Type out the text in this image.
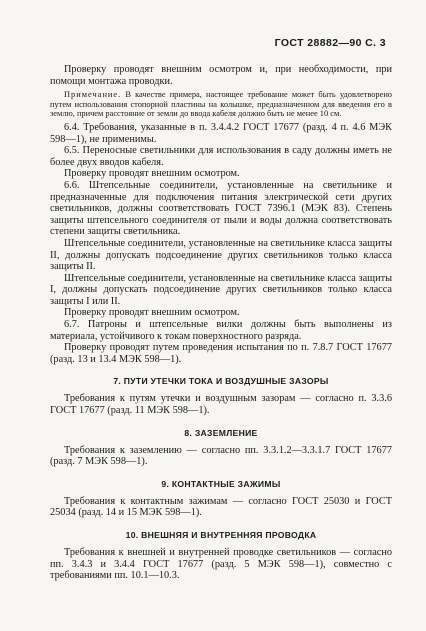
ГОСТ 28882—90 С. 3

Проверку проводят внешним осмотром и, при необходимости, при помощи монтажа проводки.

Примечание. В качестве примера, настоящее требование может быть удовлетворено путем использования стопорной пластины на колышке, предназначенном для введения его в землю, причем расстояние от земли до ввода кабеля должно быть не менее 10 см.

6.4. Требования, указанные в п. 3.4.4.2 ГОСТ 17677 (разд. 4 п. 4.6 МЭК 598—1), не применимы.

6.5. Переносные светильники для использования в саду должны иметь не более двух вводов кабеля.

Проверку проводят внешним осмотром.

6.6. Штепсельные соединители, установленные на светильнике и предназначенные для подключения питания электрической сети других светильников, должны соответствовать ГОСТ 7396.1 (МЭК 83). Степень защиты штепсельного соединителя от пыли и воды должна соответствовать степени защиты светильника.

Штепсельные соединители, установленные на светильнике класса защиты II, должны допускать подсоединение других светильников только класса защиты II.

Штепсельные соединители, установленные на светильнике класса защиты I, должны допускать подсоединение других светильников только класса защиты I или II.

Проверку проводят внешним осмотром.

6.7. Патроны и штепсельные вилки должны быть выполнены из материала, устойчивого к токам поверхностного разряда.

Проверку проводят путем проведения испытания по п. 7.8.7 ГОСТ 17677 (разд. 13 и 13.4 МЭК 598—1).

7. ПУТИ УТЕЧКИ ТОКА И ВОЗДУШНЫЕ ЗАЗОРЫ

Требования к путям утечки и воздушным зазорам — согласно п. 3.3.6 ГОСТ 17677 (разд. 11 МЭК 598—1).

8. ЗАЗЕМЛЕНИЕ

Требования к заземлению — согласно пп. 3.3.1.2—3.3.1.7 ГОСТ 17677 (разд. 7 МЭК 598—1).

9. КОНТАКТНЫЕ ЗАЖИМЫ

Требования к контактным зажимам — согласно ГОСТ 25030 и ГОСТ 25034 (разд. 14 и 15 МЭК 598—1).

10. ВНЕШНЯЯ И ВНУТРЕННЯЯ ПРОВОДКА

Требования к внешней и внутренней проводке светильников — согласно пп. 3.4.3 и 3.4.4 ГОСТ 17677 (разд. 5 МЭК 598—1), совместно с требованиями пп. 10.1—10.3.
